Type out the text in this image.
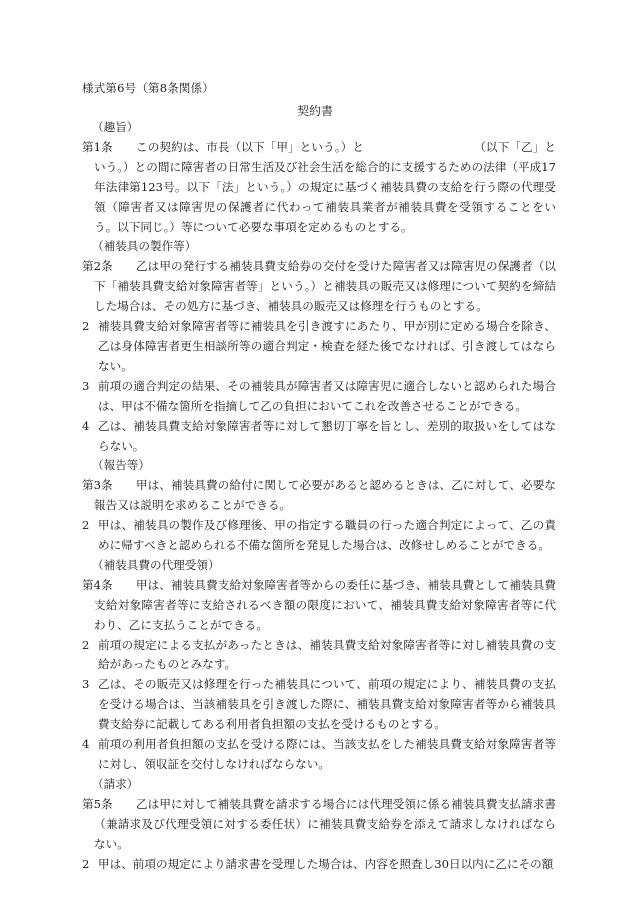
様式第6号（第8条関係）
契約書
（趣旨）
第1条	この契約は、市長（以下「甲」という。）と	（以下「乙」という。）との間に障害者の日常生活及び社会生活を総合的に支援するための法律（平成17年法律第123号。以下「法」という。）の規定に基づく補装具費の支給を行う際の代理受領（障害者又は障害児の保護者に代わって補装具業者が補装具費を受領することをいう。以下同じ。）等について必要な事項を定めるものとする。
（補装具の製作等）
第2条	乙は甲の発行する補装具費支給券の交付を受けた障害者又は障害児の保護者（以下「補装具費支給対象障害者等」という。）と補装具の販売又は修理について契約を締結した場合は、その処方に基づき、補装具の販売又は修理を行うものとする。
2 補装具費支給対象障害者等に補装具を引き渡すにあたり、甲が別に定める場合を除き、乙は身体障害者更生相談所等の適合判定・検査を経た後でなければ、引き渡してはならない。
3 前項の適合判定の結果、その補装具が障害者又は障害児に適合しないと認められた場合は、甲は不備な箇所を指摘して乙の負担においてこれを改善させることができる。
4 乙は、補装具費支給対象障害者等に対して懇切丁寧を旨とし、差別的取扱いをしてはならない。
（報告等）
第3条	甲は、補装具費の給付に関して必要があると認めるときは、乙に対して、必要な報告又は説明を求めることができる。
2 甲は、補装具の製作及び修理後、甲の指定する職員の行った適合判定によって、乙の責めに帰すべきと認められる不備な箇所を発見した場合は、改修せしめることができる。
（補装具費の代理受領）
第4条	甲は、補装具費支給対象障害者等からの委任に基づき、補装具費として補装具費支給対象障害者等に支給されるべき額の限度において、補装具費支給対象障害者等に代わり、乙に支払うことができる。
2 前項の規定による支払があったときは、補装具費支給対象障害者等に対し補装具費の支給があったものとみなす。
3 乙は、その販売又は修理を行った補装具について、前項の規定により、補装具費の支払を受ける場合は、当該補装具を引き渡した際に、補装具費支給対象障害者等から補装具費支給券に記載してある利用者負担額の支払を受けるものとする。
4 前項の利用者負担額の支払を受ける際には、当該支払をした補装具費支給対象障害者等に対し、領収証を交付しなければならない。
（請求）
第5条	乙は甲に対して補装具費を請求する場合には代理受領に係る補装具費支払請求書（兼請求及び代理受領に対する委任状）に補装具費支給券を添えて請求しなければならない。
2 甲は、前項の規定により請求書を受理した場合は、内容を照査し30日以内に乙にその額
